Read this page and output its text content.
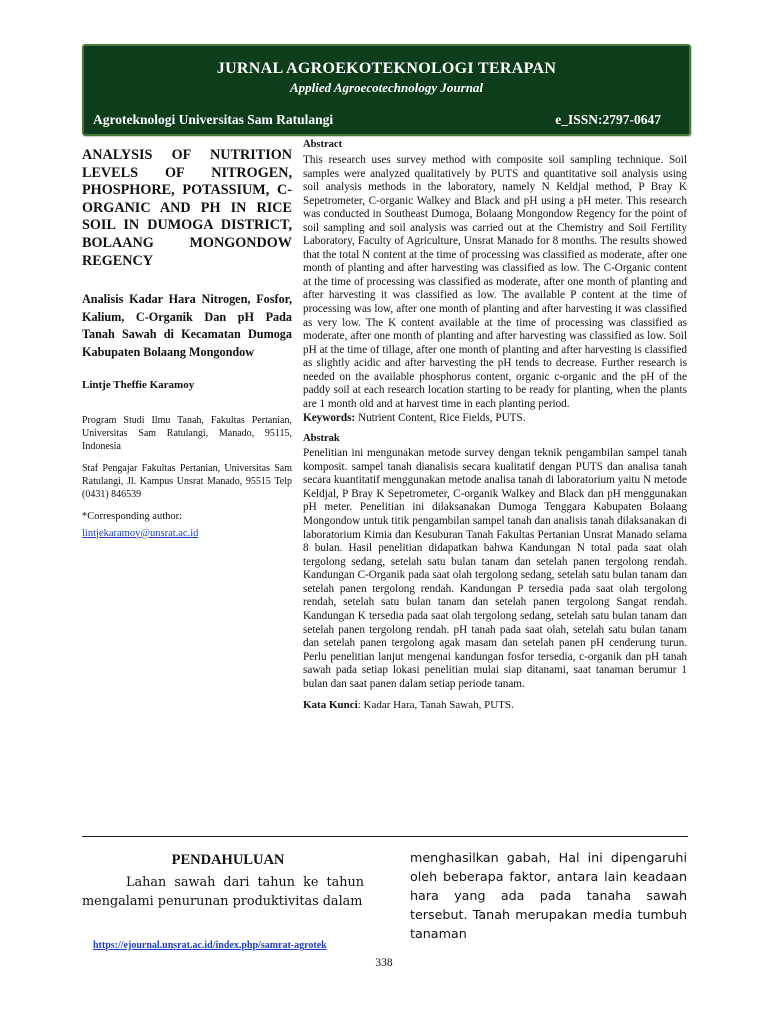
JURNAL AGROEKOTEKNOLOGI TERAPAN
Applied Agroecotechnology Journal
Agroteknologi Universitas Sam Ratulangi	e_ISSN:2797-0647
ANALYSIS OF NUTRITION LEVELS OF NITROGEN, PHOSPHORE, POTASSIUM, C-ORGANIC AND PH IN RICE SOIL IN DUMOGA DISTRICT, BOLAANG MONGONDOW REGENCY
Analisis Kadar Hara Nitrogen, Fosfor, Kalium, C-Organik Dan pH Pada Tanah Sawah di Kecamatan Dumoga Kabupaten Bolaang Mongondow
Lintje Theffie Karamoy
Program Studi Ilmu Tanah, Fakultas Pertanian, Universitas Sam Ratulangi, Manado, 95115, Indonesia
Staf Pengajar Fakultas Pertanian, Universitas Sam Ratulangi, Jl. Kampus Unsrat Manado, 95515 Telp (0431) 846539
*Corresponding author:
lintjekaramoy@unsrat.ac.id
Abstract
This research uses survey method with composite soil sampling technique. Soil samples were analyzed qualitatively by PUTS and quantitative soil analysis using soil analysis methods in the laboratory, namely N Keldjal method, P Bray K Sepetrometer, C-organic Walkey and Black and pH using a pH meter. This research was conducted in Southeast Dumoga, Bolaang Mongondow Regency for the point of soil sampling and soil analysis was carried out at the Chemistry and Soil Fertility Laboratory, Faculty of Agriculture, Unsrat Manado for 8 months. The results showed that the total N content at the time of processing was classified as moderate, after one month of planting and after harvesting was classified as low. The C-Organic content at the time of processing was classified as moderate, after one month of planting and after harvesting it was classified as low. The available P content at the time of processing was low, after one month of planting and after harvesting it was classified as very low. The K content available at the time of processing was classified as moderate, after one month of planting and after harvesting was classified as low. Soil pH at the time of tillage, after one month of planting and after harvesting is classified as slightly acidic and after harvesting the pH tends to decrease. Further research is needed on the available phosphorus content, organic c-organic and the pH of the paddy soil at each research location starting to be ready for planting, when the plants are 1 month old and at harvest time in each planting period.
Keywords: Nutrient Content, Rice Fields, PUTS.
Abstrak
Penelitian ini mengunakan metode survey dengan teknik pengambilan sampel tanah komposit. sampel tanah dianalisis secara kualitatif dengan PUTS dan analisa tanah secara kuantitatif menggunakan metode analisa tanah di laboratorium yaitu N metode Keldjal, P Bray K Sepetrometer, C-organik Walkey and Black dan pH menggunakan pH meter. Penelitian ini dilaksanakan Dumoga Tenggara Kabupaten Bolaang Mongondow untuk titik pengambilan sampel tanah dan analisis tanah dilaksanakan di laboratorium Kimia dan Kesuburan Tanah Fakultas Pertanian Unsrat Manado selama 8 bulan. Hasil penelitian didapatkan bahwa Kandungan N total pada saat olah tergolong sedang, setelah satu bulan tanam dan setelah panen tergolong rendah. Kandungan C-Organik pada saat olah tergolong sedang, setelah satu bulan tanam dan setelah panen tergolong rendah. Kandungan P tersedia pada saat olah tergolong rendah, setelah satu bulan tanam dan setelah panen tergolong Sangat rendah. Kandungan K tersedia pada saat olah tergolong sedang, setelah satu bulan tanam dan setelah panen tergolong rendah. pH tanah pada saat olah, setelah satu bulan tanam dan setelah panen tergolong agak masam dan setelah panen pH cenderung turun. Perlu penelitian lanjut mengenai kandungan fosfor tersedia, c-organik dan pH tanah sawah pada setiap lokasi penelitian mulai siap ditanami, saat tanaman berumur 1 bulan dan saat panen dalam setiap periode tanam.
Kata Kunci: Kadar Hara, Tanah Sawah, PUTS.
PENDAHULUAN
Lahan sawah dari tahun ke tahun mengalami penurunan produktivitas dalam
menghasilkan gabah, Hal ini dipengaruhi oleh beberapa faktor, antara lain keadaan hara yang ada pada tanaha sawah tersebut. Tanah merupakan media tumbuh tanaman
https://ejournal.unsrat.ac.id/index.php/samrat-agrotek
338
